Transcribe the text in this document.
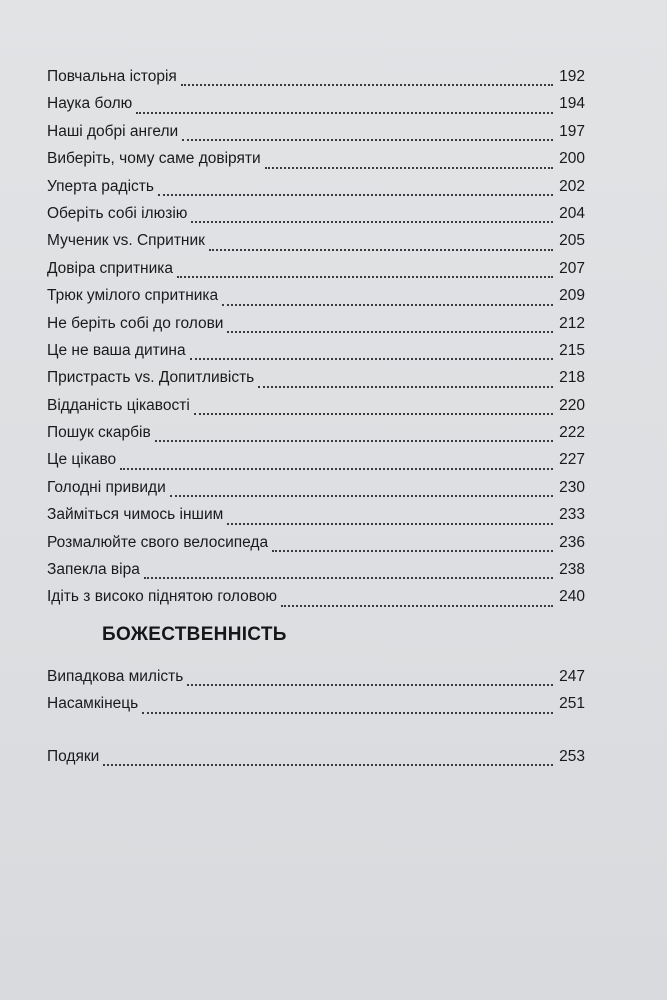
Повчальна історія	192
Наука болю	194
Наші добрі ангели	197
Виберіть, чому саме довіряти	200
Уперта радість	202
Оберіть собі ілюзію	204
Мученик vs. Спритник	205
Довіра спритника	207
Трюк умілого спритника	209
Не беріть собі до голови	212
Це не ваша дитина	215
Пристрасть vs. Допитливість	218
Відданість цікавості	220
Пошук скарбів	222
Це цікаво	227
Голодні привиди	230
Займіться чимось іншим	233
Розмалюйте свого велосипеда	236
Запекла віра	238
Ідіть з високо піднятою головою	240
БОЖЕСТВЕННІСТЬ
Випадкова милість	247
Насамкінець	251
Подяки	253
